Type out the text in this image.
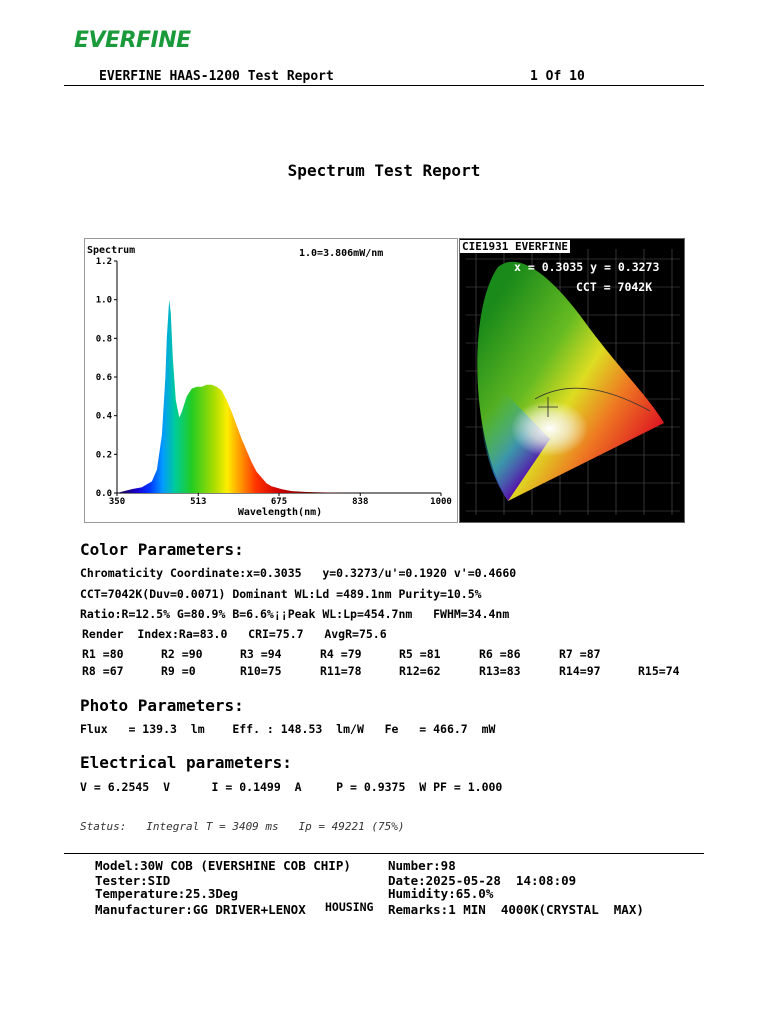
EVERFINE
EVERFINE HAAS-1200 Test Report	1 Of 10
Spectrum Test Report
0.0
0.2
0.4
0.6
0.8
1.0
1.2
350	513	675	838	1000
Spectrum	1.0=3.806mW/nm
Wavelength(nm)
x = 0.3035 y = 0.3273
CCT = 7042K
CIE1931 EVERFINE
Color Parameters:
Chromaticity Coordinate:x=0.3035   y=0.3273/u'=0.1920 v'=0.4660
CCT=7042K(Duv=0.0071) Dominant WL:Ld =489.1nm Purity=10.5%
Ratio:R=12.5% G=80.9% B=6.6%¡¡Peak WL:Lp=454.7nm   FWHM=34.4nm
Render  Index:Ra=83.0   CRI=75.7   AvgR=75.6
R1 =80	R2 =90	R3 =94	R4 =79	R5 =81	R6 =86	R7 =87
R8 =67	R9 =0	R10=75	R11=78	R12=62	R13=83	R14=97	R15=74
Photo Parameters:
Flux   = 139.3  lm    Eff. : 148.53  lm/W   Fe   = 466.7  mW
Electrical parameters:
V = 6.2545  V      I = 0.1499  A     P = 0.9375  W PF = 1.000
Status:   Integral T = 3409 ms   Ip = 49221 (75%)
Model:30W COB (EVERSHINE COB CHIP)	Number:98
Tester:SID	Date:2025-05-28  14:08:09
Temperature:25.3Deg	Humidity:65.0%
Manufacturer:GG DRIVER+LENOX HOUSING Remarks:1 MIN  4000K(CRYSTAL  MAX)
